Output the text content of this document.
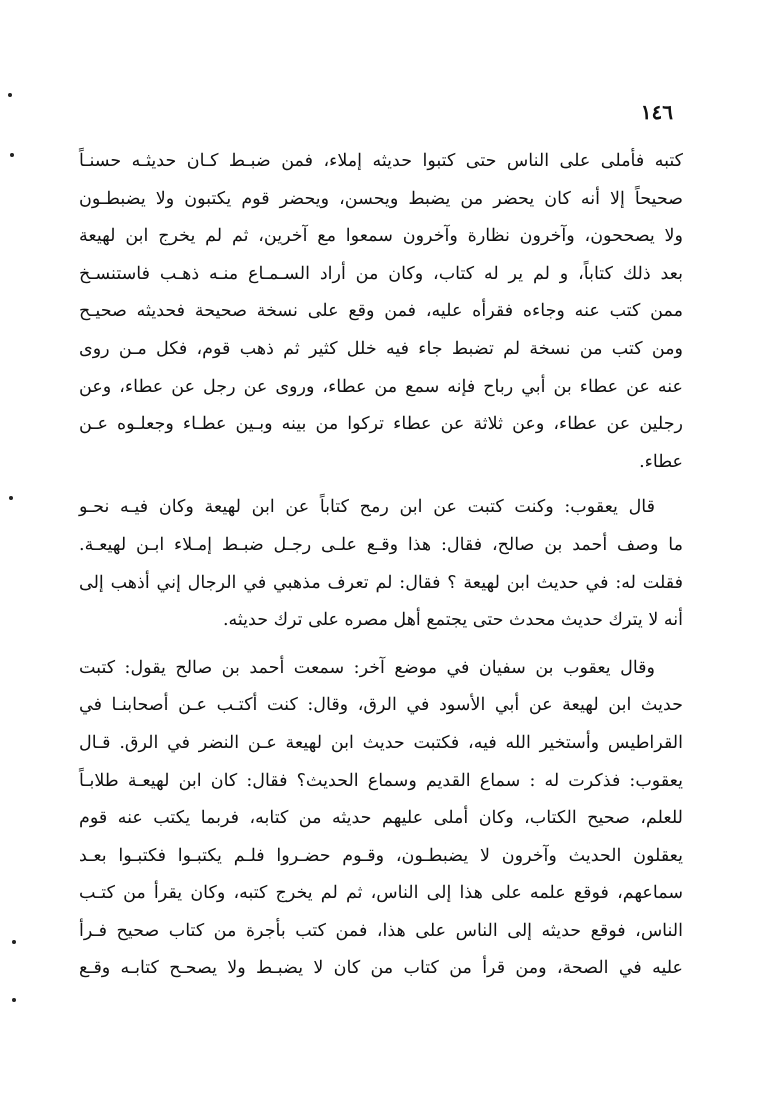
١٤٦

كتبه فأملى على الناس حتى كتبوا حديثه إملاء، فمن ضبـط كـان حديثـه حسنـاً
صحيحاً إلا أنه كان يحضر من يضبط ويحسن، ويحضر قوم يكتبون ولا يضبطـون
ولا يصححون، وآخرون نظارة وآخرون سمعوا مع آخرين، ثم لم يخرج ابن لهيعة
بعد ذلك كتاباً، و لم ير له كتاب، وكان من أراد السـمـاع منـه ذهـب فاستنسـخ
ممن كتب عنه وجاءه فقرأه عليه، فمن وقع على نسخة صحيحة فحديثه صحيـح
ومن كتب من نسخة لم تضبط جاء فيه خلل كثير ثم ذهب قوم، فكل مـن روى
عنه عن عطاء بن أبي رباح فإنه سمع من عطاء، وروى عن رجل عن عطاء، وعن
رجلين عن عطاء، وعن ثلاثة عن عطاء تركوا من بينه وبـين عطـاء وجعلـوه عـن
عطاء.

قال يعقوب: وكنت كتبت عن ابن رمح كتاباً عن ابن لهيعة وكان فيـه نحـو
ما وصف أحمد بن صالح، فقال: هذا وقـع علـى رجـل ضبـط إمـلاء ابـن لهيعـة.
فقلت له: في حديث ابن لهيعة ؟ فقال: لم تعرف مذهبي في الرجال إني أذهب إلى
أنه لا يترك حديث محدث حتى يجتمع أهل مصره على ترك حديثه.

وقال يعقوب بن سفيان في موضع آخر: سمعت أحمد بن صالح يقول: كتبت
حديث ابن لهيعة عن أبي الأسود في الرق، وقال: كنت أكتـب عـن أصحابنـا في
القراطيس وأستخير الله فيه، فكتبت حديث ابن لهيعة عـن النضر في الرق. قـال
يعقوب: فذكرت له : سماع القديم وسماع الحديث؟ فقال: كان ابن لهيعـة طلابـاً
للعلم، صحيح الكتاب، وكان أملى عليهم حديثه من كتابه، فربما يكتب عنه قوم
يعقلون الحديث وآخرون لا يضبطـون، وقـوم حضـروا فلـم يكتبـوا فكتبـوا بعـد
سماعهم، فوقع علمه على هذا إلى الناس، ثم لم يخرج كتبه، وكان يقرأ من كتـب
الناس، فوقع حديثه إلى الناس على هذا، فمن كتب بأجرة من كتاب صحيح فـرأ
عليه في الصحة، ومن قرأ من كتاب من كان لا يضبـط ولا يصحـح كتابـه وقـع
